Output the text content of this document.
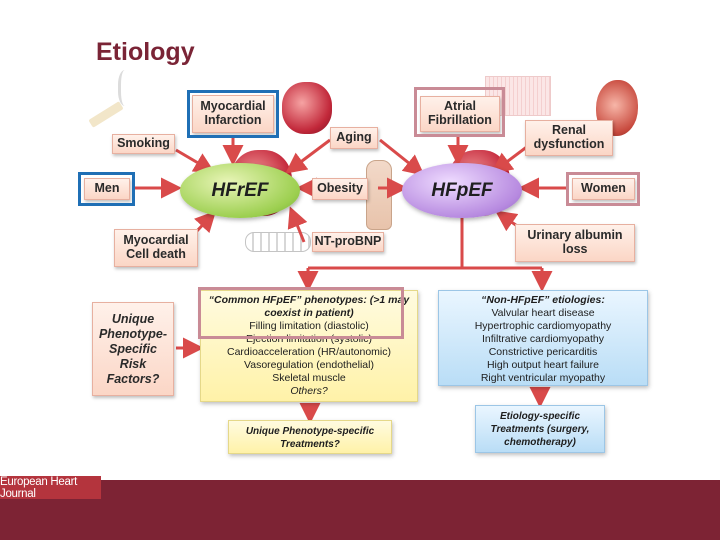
Etiology
Myocardial Infarction
Smoking	Aging
Atrial Fibrillation
Renal dysfunction
Men	HFrEF	Obesity	HFpEF	Women
Myocardial Cell death
NT-proBNP	Urinary albumin loss
Unique
Phenotype-
Specific
Risk
Factors?
“Common HFpEF” phenotypes: (>1 may coexist in patient)
Filling limitation (diastolic)
Ejection limitation (systolic)
Cardioacceleration (HR/autonomic)
Vasoregulation (endothelial)
Skeletal muscle
Others?
“Non-HFpEF” etiologies:
Valvular heart disease
Hypertrophic cardiomyopathy
Infiltrative cardiomyopathy
Constrictive pericarditis
High output heart failure
Right ventricular myopathy
Unique Phenotype-specific
Treatments?
Etiology-specific
Treatments (surgery,
chemotherapy)
European Heart Journal
